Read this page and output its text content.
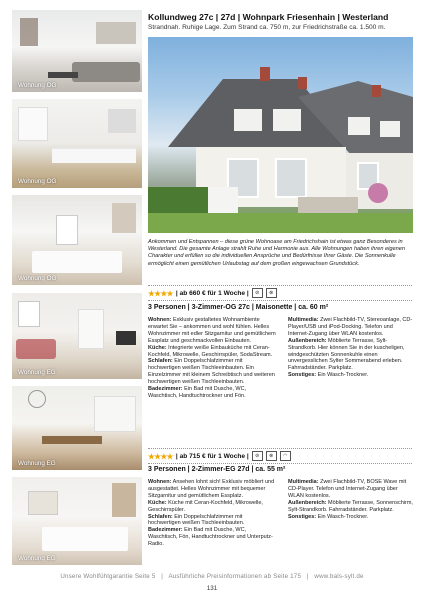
Wohnung OG
Wohnung OG
Wohnung OG
Wohnung EG
Wohnung EG
Wohnung EG
Kollundweg 27c | 27d | Wohnpark Friesenhain | Westerland
Strandnah. Ruhige Lage. Zum Strand ca. 750 m, zur Friedrichstraße ca. 1.500 m.
Ankommen und Entspannen – diese grüne Wohnoase am Friedrichshain ist etwas ganz Besonderes in Westerland. Die gesamte Anlage strahlt Ruhe und Harmonie aus. Alle Wohnungen haben ihren eigenen Charakter und erfüllen so die individuellen Ansprüche und Bedürfnisse Ihrer Gäste. Die Sonnenkulle ermöglicht einen gemütlichen Urlaubstag auf dem großen eingewachsen Grundstück.
★★★★ | ab 660 € für 1 Woche |	⊘	⊗
3 Personen | 3-Zimmer-OG 27c | Maisonette | ca. 60 m²

Wohnen: Exklusiv gestaltetes Wohnambiente erwartet Sie – ankommen und wohl fühlen. Helles Wohnzimmer mit edler Sitzgarnitur und gemütlichem Essplatz und geschmackvollen Einbauten.

Küche: Integrierte weiße Einbauküche mit Ceran-Kochfeld, Mikrowelle, Geschirrspüler, SodaStream.

Schlafen: Ein Doppelschlafzimmer mit hochwertigen weißen Tischleeinbauten. Ein Einzelzimmer mit kleinem Schreibtisch und weiteren hochwertigen weißen Tischleeinbauten.

Badezimmer: Ein Bad mit Dusche, WC, Waschtisch, Handtuchtrockner und Fön.

Multimedia: Zwei Flachbild-TV, Stereoanlage, CD-Player/USB und iPod-Docking. Telefon und Internet-Zugang über WLAN kostenlos.

Außenbereich: Möblierte Terrasse, Sylt-Strandkorb. Hier können Sie in der kuscheligen, windgeschützten Sonnenkuhle einen unvergesslichen Sylter Sommerabend erleben. Fahrradständer. Parkplatz.

Sonstiges: Ein Wasch-Trockner.

★★★★ | ab 715 € für 1 Woche |	⊘	⊗	◠
3 Personen | 2-Zimmer-EG 27d | ca. 55 m²

Wohnen: Ansehen lohnt sich! Exklusiv möbliert und ausgestattet. Helles Wohnzimmer mit bequemer Sitzgarnitur und gemütlichem Essplatz.

Küche: Küche mit Ceran-Kochfeld, Mikrowelle, Geschirrspüler.

Schlafen: Ein Doppelschlafzimmer mit hochwertigen weißen Tischleeinbauten.

Badezimmer: Ein Bad mit Dusche, WC, Waschtisch, Fön, Handtuchtrockner und Unterputz-Radio.

Multimedia: Zwei Flachbild-TV, BOSE Wave mit CD-Player. Telefon und Internet-Zugang über WLAN kostenlos.

Außenbereich: Möblierte Terrasse, Sonnenschirm, Sylt-Strandkorb. Fahrradständer. Parkplatz.

Sonstiges: Ein Wasch-Trockner.

Unsere Wohlfühlgarantie Seite 5   |   Ausführliche Preisinformationen ab Seite 175   |   www.bals-sylt.de
131
